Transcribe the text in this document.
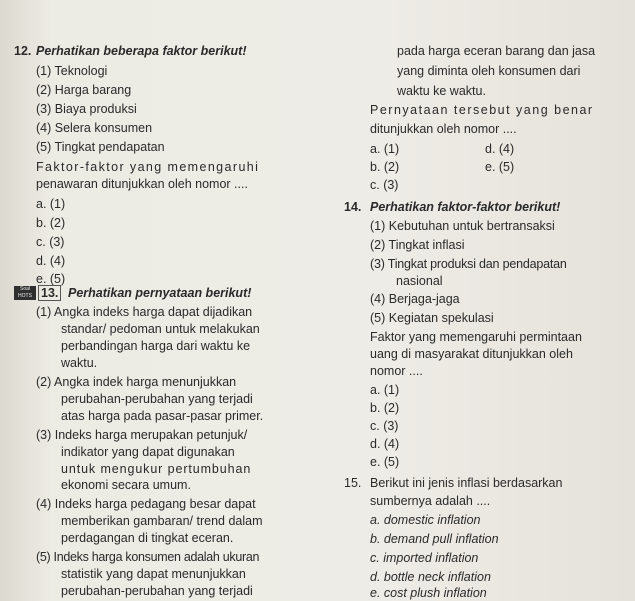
12. Perhatikan beberapa faktor berikut!
(1) Teknologi
(2) Harga barang
(3) Biaya produksi
(4) Selera konsumen
(5) Tingkat pendapatan
Faktor-faktor yang memengaruhi
penawaran ditunjukkan oleh nomor ....
a. (1)
b. (2)
c. (3)
d. (4)
e. (5)
Soal HOTS 13. Perhatikan pernyataan berikut!
(1) Angka indeks harga dapat dijadikan
standar/ pedoman untuk melakukan
perbandingan harga dari waktu ke
waktu.
(2) Angka indek harga menunjukkan
perubahan-perubahan yang terjadi
atas harga pada pasar-pasar primer.
(3) Indeks harga merupakan petunjuk/
indikator yang dapat digunakan
untuk mengukur pertumbuhan
ekonomi secara umum.
(4) Indeks harga pedagang besar dapat
memberikan gambaran/ trend dalam
perdagangan di tingkat eceran.
(5) Indeks harga konsumen adalah ukuran
statistik yang dapat menunjukkan
perubahan-perubahan yang terjadi
pada harga eceran barang dan jasa
yang diminta oleh konsumen dari
waktu ke waktu.
Pernyataan tersebut yang benar
ditunjukkan oleh nomor ....
a. (1)
b. (2)
c. (3)
d. (4)
e. (5)
14. Perhatikan faktor-faktor berikut!
(1) Kebutuhan untuk bertransaksi
(2) Tingkat inflasi
(3) Tingkat produksi dan pendapatan
nasional
(4) Berjaga-jaga
(5) Kegiatan spekulasi
Faktor yang memengaruhi permintaan
uang di masyarakat ditunjukkan oleh
nomor ....
a. (1)
b. (2)
c. (3)
d. (4)
e. (5)
15. Berikut ini jenis inflasi berdasarkan
sumbernya adalah ....
a. domestic inflation
b. demand pull inflation
c. imported inflation
d. bottle neck inflation
e. cost plush inflation
